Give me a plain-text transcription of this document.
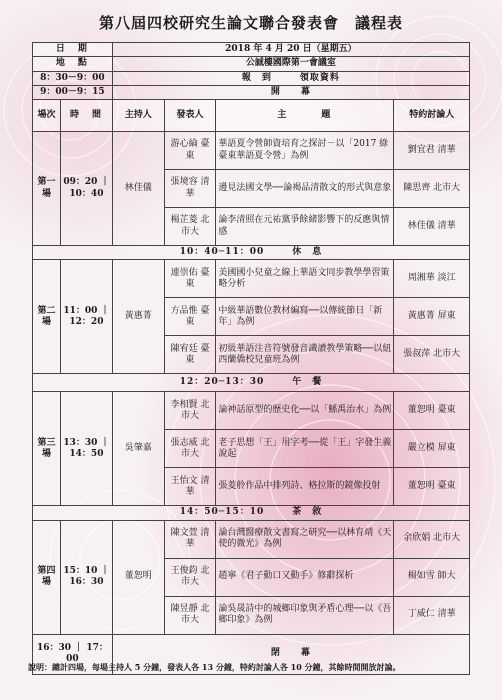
第八屆四校研究生論文聯合發表會　議程表
日　期		2018 年 4 月 20 日（星期五）			
地　點		公誠樓國際第一會議室			
8：30－9：00		報　到 領取資料			
9：00－9：15		開　　幕			
場次	時　間	主持人	發表人	主　　　題	特約討論人
第一場	09：20 ｜ 10：40	林佳儀	游心綸 臺東	華語夏令營師資培育之探討－以「2017 綠臺東華語夏令營」為例	劉宜君 清華
			張境容 清華	邊見法國文學──論褐品清散文的形式與意象	陳思齊 北市大
			楊芷菱 北市大	論李清照在元祐黨爭餘緒影響下的反應與情感	林佳儀 清華
10：40─11：00 休　息					
第二場	11：00 ｜ 12：20	黃惠菁	連崇佑 臺東	美國國小兒童之線上華語文同步教學學習策略分析	周湘華 淡江
			方品惟 臺東	中級華語數位教材編寫──以傳統節日「新年」為例	黃惠菁 屏東
			陳宥廷 臺東	初級華語注音符號發音識讀教學策略──以紐西蘭僑校兒童班為例	張叔萍 北市大
12：20─13：30 午　餐					
第三場	13：30 ｜ 14：50	吳肇嘉	李相賢 北市大	論神話原型的歷史化──以「鯀禹治水」為例	董恕明 臺東
			張志威 北市大	老子思想「王」用字考──從「王」字發生義說起	嚴立模 屏東
			王怡文 清華	張菱舲作品中排列詩、格拉斯的鏡像投射	董恕明 臺東
14：50─15：10 茶　敘					
第四場	15：10 ｜ 16：30	董恕明	陳文萱 清華	論台灣醫療散文書寫之研究──以林育靖《天使的微光》為例	余欣娟 北市大
			王俊鈞 北市大	趙寧《君子動口又動手》修辭探析	楊如雪 師大
			陳昱靜 北市大	論吳晟詩中的城鄉印象與矛盾心理──以《吾鄉印象》為例	丁威仁 清華
16：30 ｜ 17：00		閉　　幕			
說明：總計四場，每場主持人 5 分鐘，發表人各 13 分鐘，特約討論人各 10 分鐘，其餘時間開放討論。
